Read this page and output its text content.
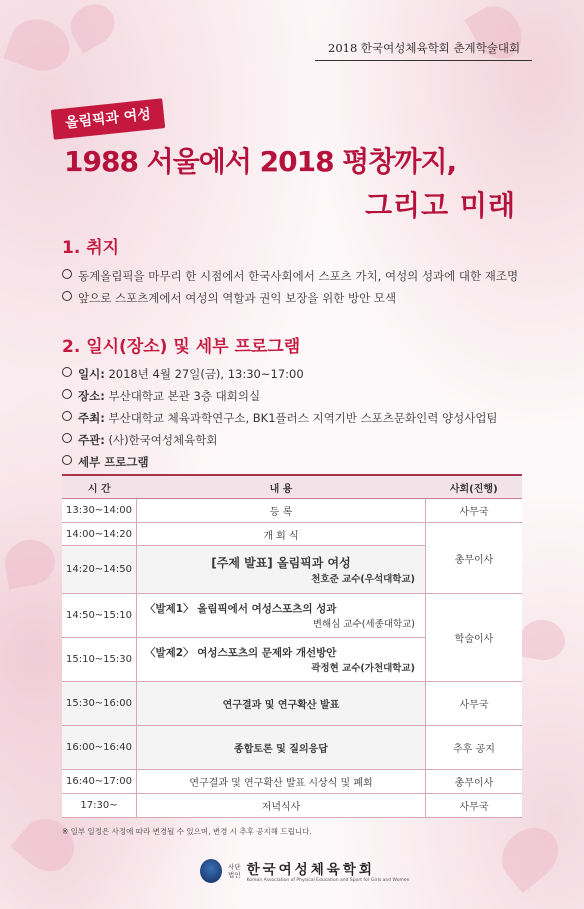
2018 한국여성체육학회 춘계학술대회
올림픽과 여성
1988 서울에서 2018 평창까지,
그리고 미래
1. 취지
동계올림픽을 마무리 한 시점에서 한국사회에서 스포츠 가치, 여성의 성과에 대한 재조명
앞으로 스포츠계에서 여성의 역할과 권익 보장을 위한 방안 모색
2. 일시(장소) 및 세부 프로그램
일시: 2018년 4월 27일(금), 13:30~17:00
장소: 부산대학교 본관 3층 대회의실
주최: 부산대학교 체육과학연구소, BK1플러스 지역기반 스포츠문화인력 양성사업팀
주관: (사)한국여성체육학회
세부 프로그램
시 간	내 용	사회(진행)
13:30~14:00	등 록	사무국
14:00~14:20	개 회 식	총무이사
14:20~14:50	[주제 발표] 올림픽과 여성
천호준 교수(우석대학교)	

14:50~15:10	〈발제1〉 올림픽에서 여성스포츠의 성과
변해심 교수(세종대학교)	학술이사
15:10~15:30	〈발제2〉 여성스포츠의 문제와 개선방안
곽정현 교수(가천대학교)	

15:30~16:00	연구결과 및 연구확산 발표	사무국
16:00~16:40	종합토론 및 질의응답	추후 공지
16:40~17:00	연구결과 및 연구확산 발표 시상식 및 폐회	총무이사
17:30~	저녁식사	사무국
※ 일부 일정은 사정에 따라 변경될 수 있으며, 변경 시 추후 공지해 드립니다.
사단
법인 한국여성체육학회
Korean Association of Physical Education and Sport for Girls and Women
